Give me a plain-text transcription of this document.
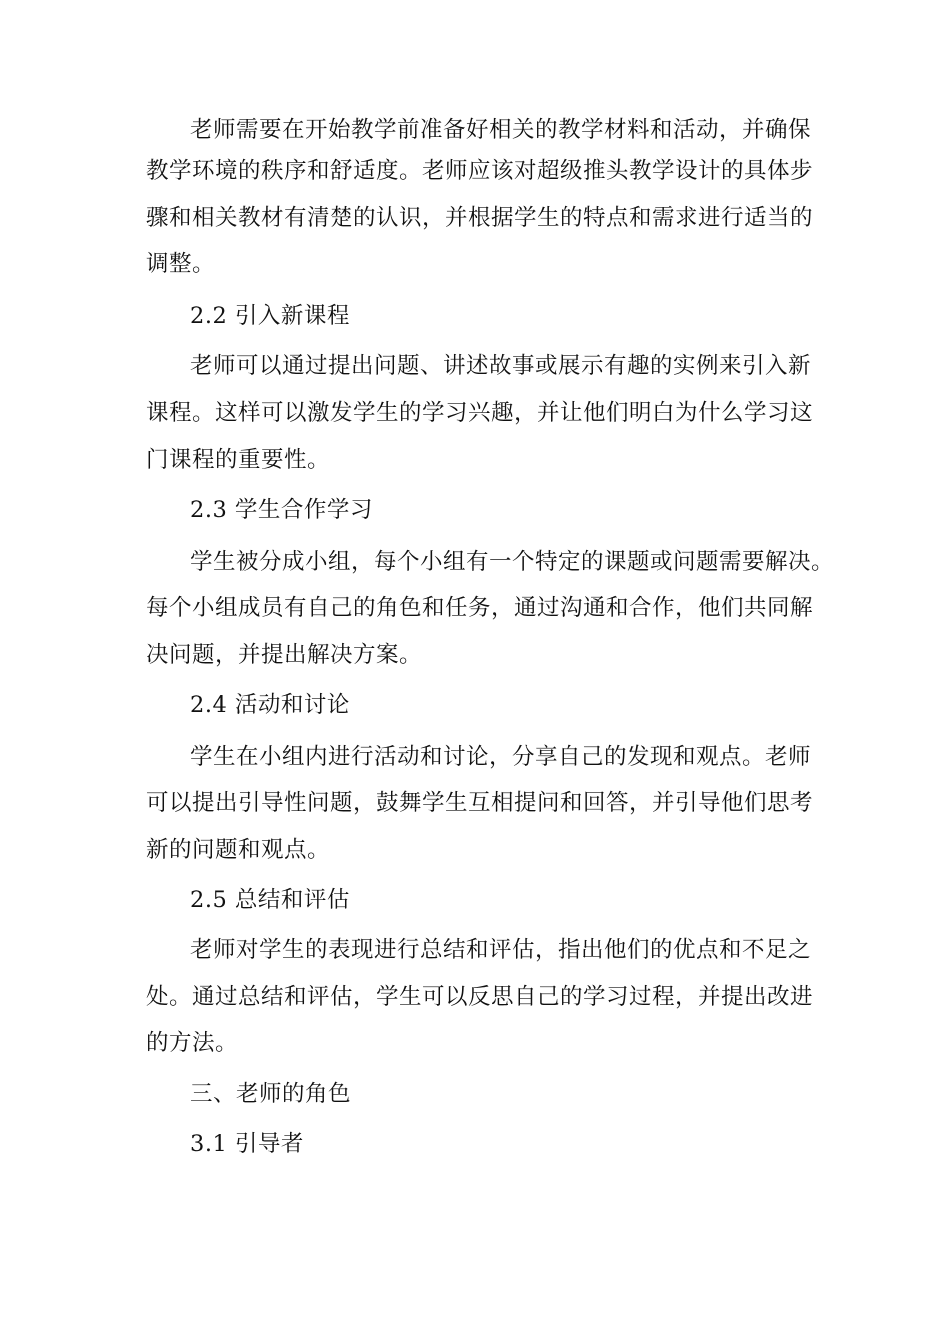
老师需要在开始教学前准备好相关的教学材料和活动，并确保
教学环境的秩序和舒适度。老师应该对超级推头教学设计的具体步
骤和相关教材有清楚的认识，并根据学生的特点和需求进行适当的
调整。
2.2 引入新课程
老师可以通过提出问题、讲述故事或展示有趣的实例来引入新
课程。这样可以激发学生的学习兴趣，并让他们明白为什么学习这
门课程的重要性。
2.3 学生合作学习
学生被分成小组，每个小组有一个特定的课题或问题需要解决。
每个小组成员有自己的角色和任务，通过沟通和合作，他们共同解
决问题，并提出解决方案。
2.4 活动和讨论
学生在小组内进行活动和讨论，分享自己的发现和观点。老师
可以提出引导性问题，鼓舞学生互相提问和回答，并引导他们思考
新的问题和观点。
2.5 总结和评估
老师对学生的表现进行总结和评估，指出他们的优点和不足之
处。通过总结和评估，学生可以反思自己的学习过程，并提出改进
的方法。
三、老师的角色
3.1 引导者
